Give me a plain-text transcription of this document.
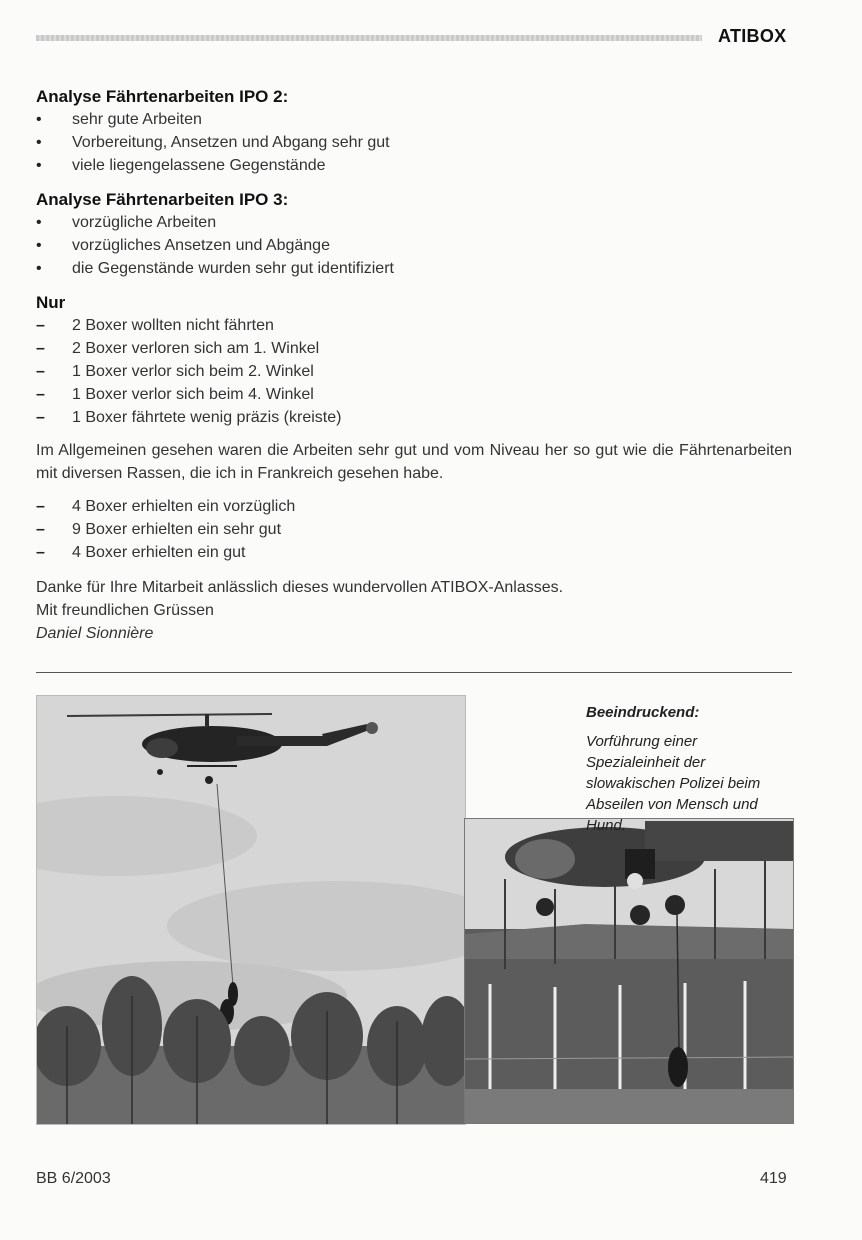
ATIBOX
Analyse Fährtenarbeiten IPO 2:
• sehr gute Arbeiten
• Vorbereitung, Ansetzen und Abgang sehr gut
• viele liegengelassene Gegenstände
Analyse Fährtenarbeiten IPO 3:
• vorzügliche Arbeiten
• vorzügliches Ansetzen und Abgänge
• die Gegenstände wurden sehr gut identifiziert
Nur
– 2 Boxer wollten nicht fährten
– 2 Boxer verloren sich am 1. Winkel
– 1 Boxer verlor sich beim 2. Winkel
– 1 Boxer verlor sich beim 4. Winkel
– 1 Boxer fährtete wenig präzis (kreiste)

Im Allgemeinen gesehen waren die Arbeiten sehr gut und vom Niveau her so gut wie die Fährtenarbeiten mit diversen Rassen, die ich in Frankreich gesehen habe.

– 4 Boxer erhielten ein vorzüglich
– 9 Boxer erhielten ein sehr gut
– 4 Boxer erhielten ein gut

Danke für Ihre Mitarbeit anlässlich dieses wundervollen ATIBOX-Anlasses.

Mit freundlichen Grüssen

Daniel Sionnière

Beeindruckend:
Vorführung einer Spezialeinheit der slowakischen Polizei beim Abseilen von Mensch und Hund.
BB 6/2003	419
